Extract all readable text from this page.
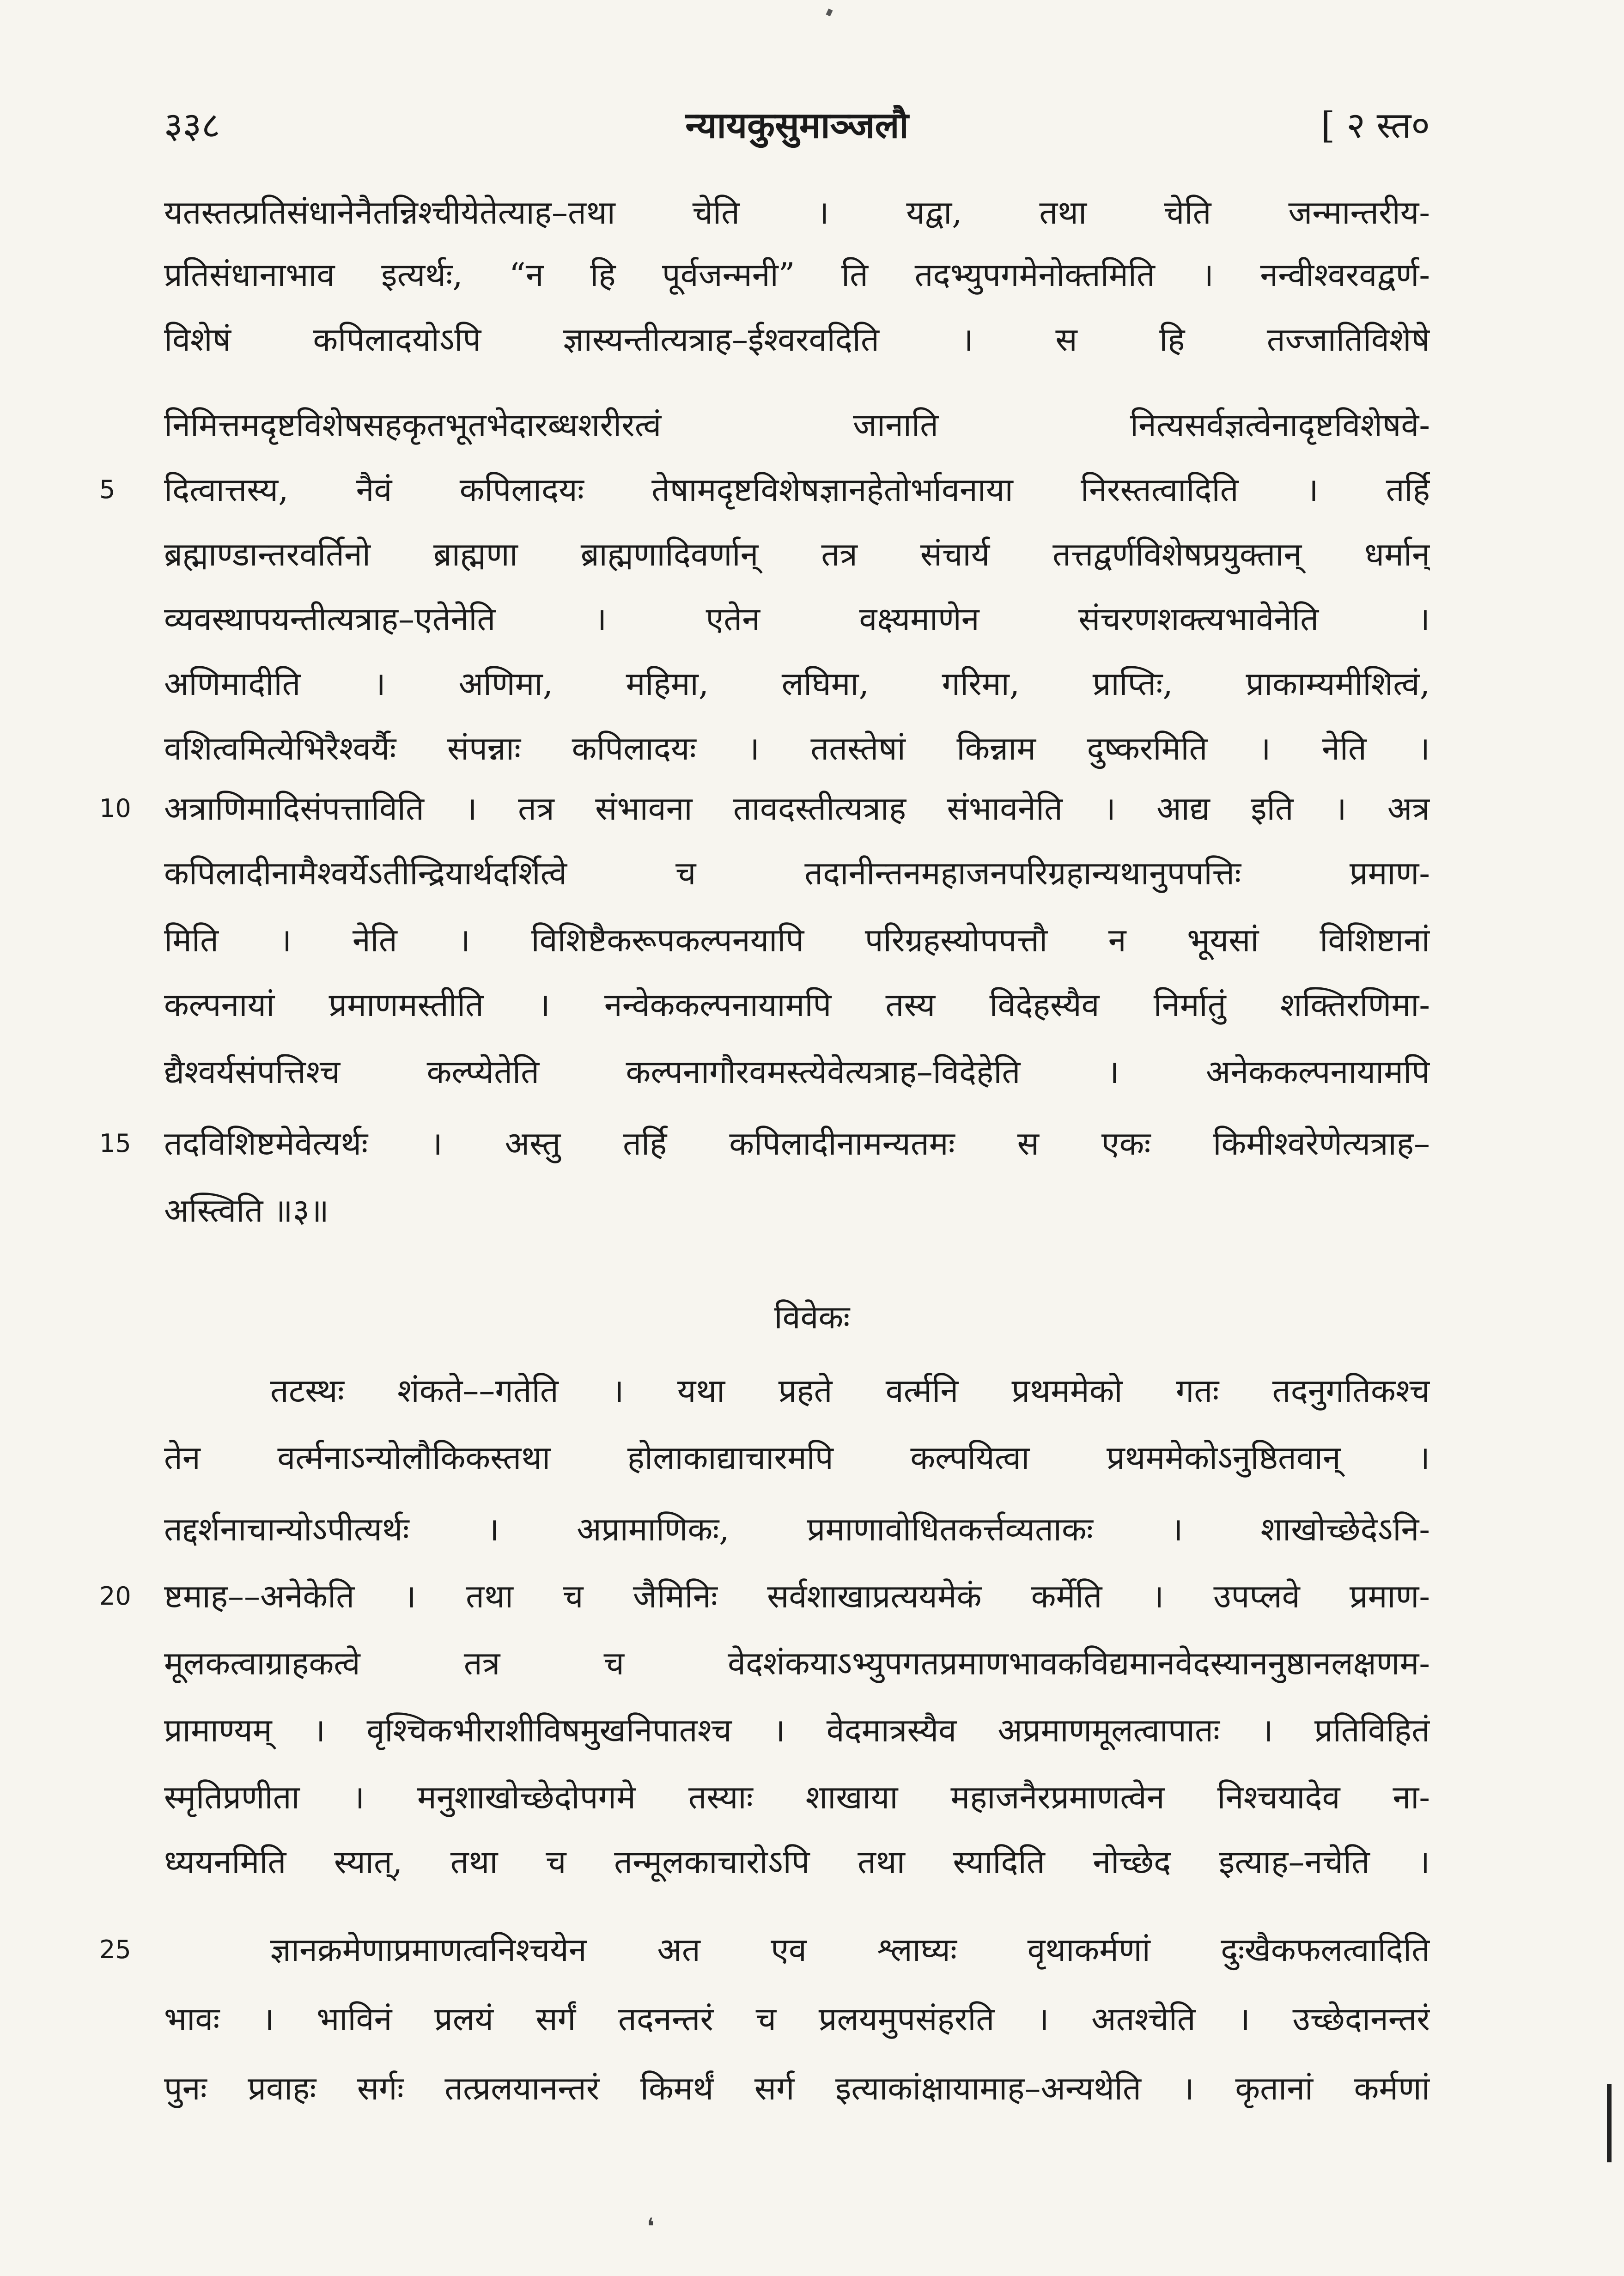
३३८	न्यायकुसुमाञ्जलौ	[ २ स्त०
5
10
15
20
25
यतस्तत्प्रतिसंधानेनैतन्निश्चीयेतेत्याह–तथा चेति । यद्वा, तथा चेति जन्मान्तरीय-
प्रतिसंधानाभाव इत्यर्थः, “न हि पूर्वजन्मनी” ति तदभ्युपगमेनोक्तमिति । नन्वीश्वरवद्वर्ण-
विशेषं कपिलादयोऽपि ज्ञास्यन्तीत्यत्राह–ईश्वरवदिति । स हि तज्जातिविशेषे
निमित्तमदृष्टविशेषसहकृतभूतभेदारब्धशरीरत्वं जानाति नित्यसर्वज्ञत्वेनादृष्टविशेषवे-
दित्वात्तस्य, नैवं कपिलादयः तेषामदृष्टविशेषज्ञानहेतोर्भावनाया निरस्तत्वादिति । तर्हि
ब्रह्माण्डान्तरवर्तिनो ब्राह्मणा ब्राह्मणादिवर्णान् तत्र संचार्य तत्तद्वर्णविशेषप्रयुक्तान् धर्मान्
व्यवस्थापयन्तीत्यत्राह–एतेनेति । एतेन वक्ष्यमाणेन संचरणशक्त्यभावेनेति ।
अणिमादीति । अणिमा, महिमा, लघिमा, गरिमा, प्राप्तिः, प्राकाम्यमीशित्वं,
वशित्वमित्येभिरैश्वर्यैः संपन्नाः कपिलादयः । ततस्तेषां किन्नाम दुष्करमिति । नेति ।
अत्राणिमादिसंपत्ताविति । तत्र संभावना तावदस्तीत्यत्राह संभावनेति । आद्य इति । अत्र
कपिलादीनामैश्वर्येऽतीन्द्रियार्थदर्शित्वे च तदानीन्तनमहाजनपरिग्रहान्यथानुपपत्तिः प्रमाण-
मिति । नेति । विशिष्टैकरूपकल्पनयापि परिग्रहस्योपपत्तौ न भूयसां विशिष्टानां
कल्पनायां प्रमाणमस्तीति । नन्वेककल्पनायामपि तस्य विदेहस्यैव निर्मातुं शक्तिरणिमा-
द्यैश्वर्यसंपत्तिश्च कल्प्येतेति कल्पनागौरवमस्त्येवेत्यत्राह–विदेहेति । अनेककल्पनायामपि
तदविशिष्टमेवेत्यर्थः । अस्तु तर्हि कपिलादीनामन्यतमः स एकः किमीश्वरेणेत्यत्राह–
अस्त्विति ॥३॥
विवेकः
तटस्थः शंकते––गतेति । यथा प्रहते वर्त्मनि प्रथममेको गतः तदनुगतिकश्च
तेन वर्त्मनाऽन्योलौकिकस्तथा होलाकाद्याचारमपि कल्पयित्वा प्रथममेकोऽनुष्ठितवान् ।
तद्दर्शनाचान्योऽपीत्यर्थः । अप्रामाणिकः, प्रमाणावोधितकर्त्तव्यताकः । शाखोच्छेदेऽनि-
ष्टमाह––अनेकेति । तथा च जैमिनिः सर्वशाखाप्रत्ययमेकं कर्मेति । उपप्लवे प्रमाण-
मूलकत्वाग्राहकत्वे तत्र च वेदशंकयाऽभ्युपगतप्रमाणभावकविद्यमानवेदस्याननुष्ठानलक्षणम-
प्रामाण्यम् । वृश्चिकभीराशीविषमुखनिपातश्च । वेदमात्रस्यैव अप्रमाणमूलत्वापातः । प्रतिविहितं
स्मृतिप्रणीता । मनुशाखोच्छेदोपगमे तस्याः शाखाया महाजनैरप्रमाणत्वेन निश्चयादेव ना-
ध्ययनमिति स्यात्, तथा च तन्मूलकाचारोऽपि तथा स्यादिति नोच्छेद इत्याह–नचेति ।
ज्ञानक्रमेणाप्रमाणत्वनिश्चयेन अत एव श्लाघ्यः वृथाकर्मणां दुःखैकफलत्वादिति
भावः । भाविनं प्रलयं सर्गं तदनन्तरं च प्रलयमुपसंहरति । अतश्चेति । उच्छेदानन्तरं
पुनः प्रवाहः सर्गः तत्प्रलयानन्तरं किमर्थं सर्ग इत्याकांक्षायामाह–अन्यथेति । कृतानां कर्मणां
❛
